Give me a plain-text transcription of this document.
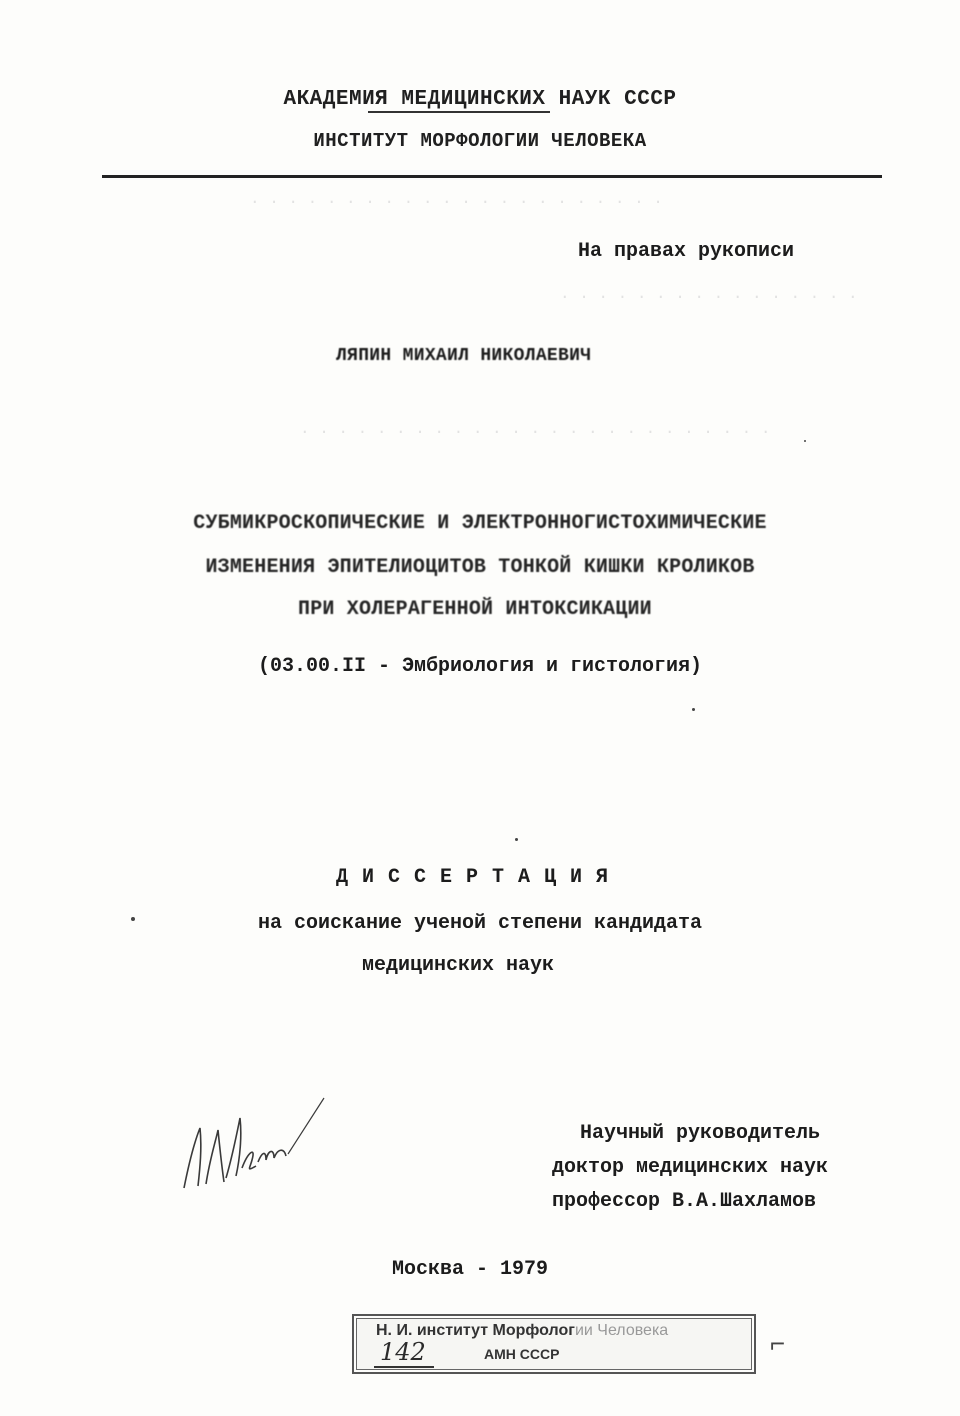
. . . . . . . . . . . . . . . . . . . . . .
. . . . . . . . . . . . . . . .
. . . . . . . . . . . . . . . . . . . . . . . . .
АКАДЕМИЯ МЕДИЦИНСКИХ НАУК СССР
ИНСТИТУТ МОРФОЛОГИИ ЧЕЛОВЕКА
На правах рукописи
ЛЯПИН МИХАИЛ НИКОЛАЕВИЧ
СУБМИКРОСКОПИЧЕСКИЕ И ЭЛЕКТРОННОГИСТОХИМИЧЕСКИЕ
ИЗМЕНЕНИЯ ЭПИТЕЛИОЦИТОВ ТОНКОЙ КИШКИ КРОЛИКОВ
ПРИ ХОЛЕРАГЕННОЙ ИНТОКСИКАЦИИ
(03.00.II - Эмбриология и гистология)
ДИССЕРТАЦИЯ
на соискание ученой степени кандидата
медицинских наук
Научный руководитель
доктор медицинских наук
профессор В.А.Шахламов
Москва - 1979
Н. И. институт Морфологии Человека
АМН СССР
142	⌐
